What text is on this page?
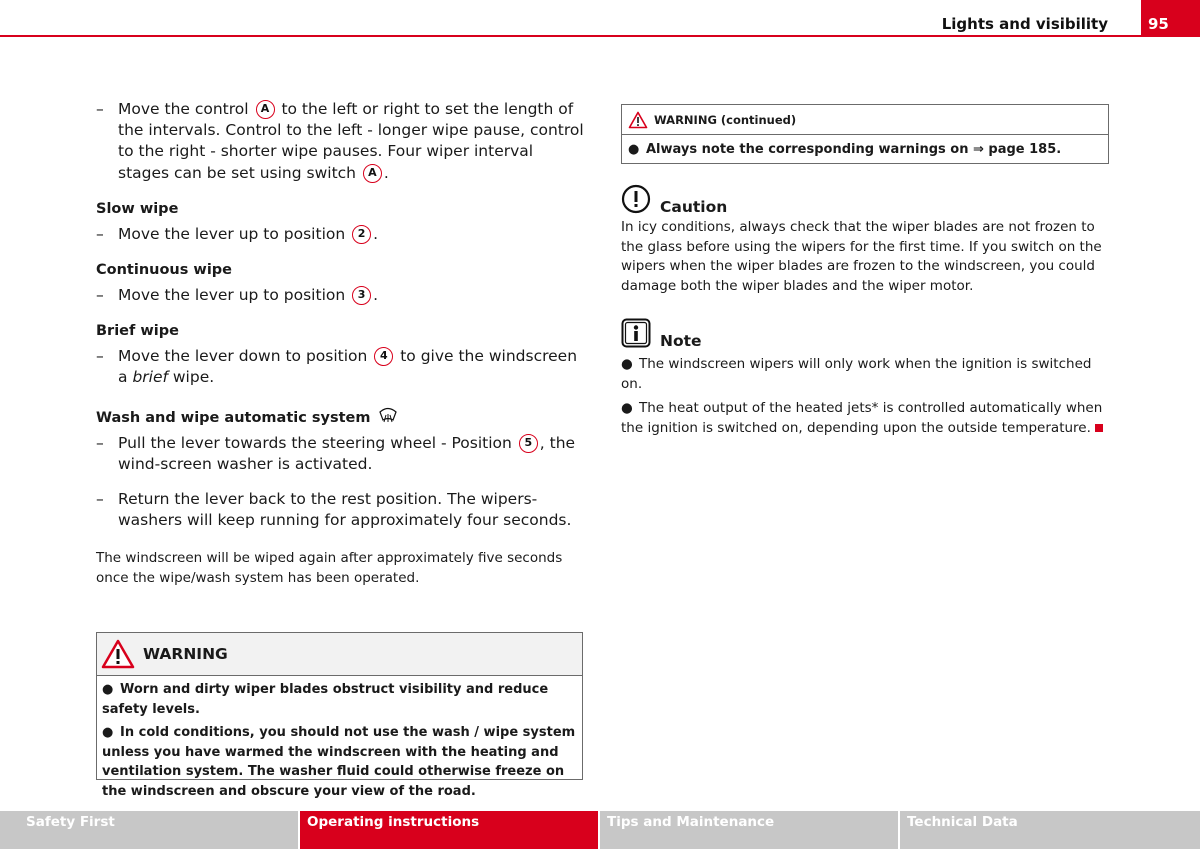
Lights and visibility	95
– Move the control A to the left or right to set the length of the intervals. Control to the left - longer wipe pause, control to the right - shorter wipe pauses. Four wiper interval stages can be set using switch A .
Slow wipe
– Move the lever up to position 2 .
Continuous wipe
– Move the lever up to position 3 .
Brief wipe
– Move the lever down to position 4 to give the windscreen a brief wipe.
Wash and wipe automatic system
– Pull the lever towards the steering wheel - Position 5 , the wind-screen washer is activated.
– Return the lever back to the rest position. The wipers-washers will keep running for approximately four seconds.
The windscreen will be wiped again after approximately five seconds once the wipe/wash system has been operated.
WARNING

● Worn and dirty wiper blades obstruct visibility and reduce safety levels.

● In cold conditions, you should not use the wash / wipe system unless you have warmed the windscreen with the heating and ventilation system. The washer fluid could otherwise freeze on the windscreen and obscure your view of the road.

WARNING (continued)
● Always note the corresponding warnings on ⇒ page 185.
Caution
In icy conditions, always check that the wiper blades are not frozen to the glass before using the wipers for the first time. If you switch on the wipers when the wiper blades are frozen to the windscreen, you could damage both the wiper blades and the wiper motor.
Note
● The windscreen wipers will only work when the ignition is switched on.
● The heat output of the heated jets* is controlled automatically when the ignition is switched on, depending upon the outside temperature.
Safety First	Operating instructions	Tips and Maintenance	Technical Data
